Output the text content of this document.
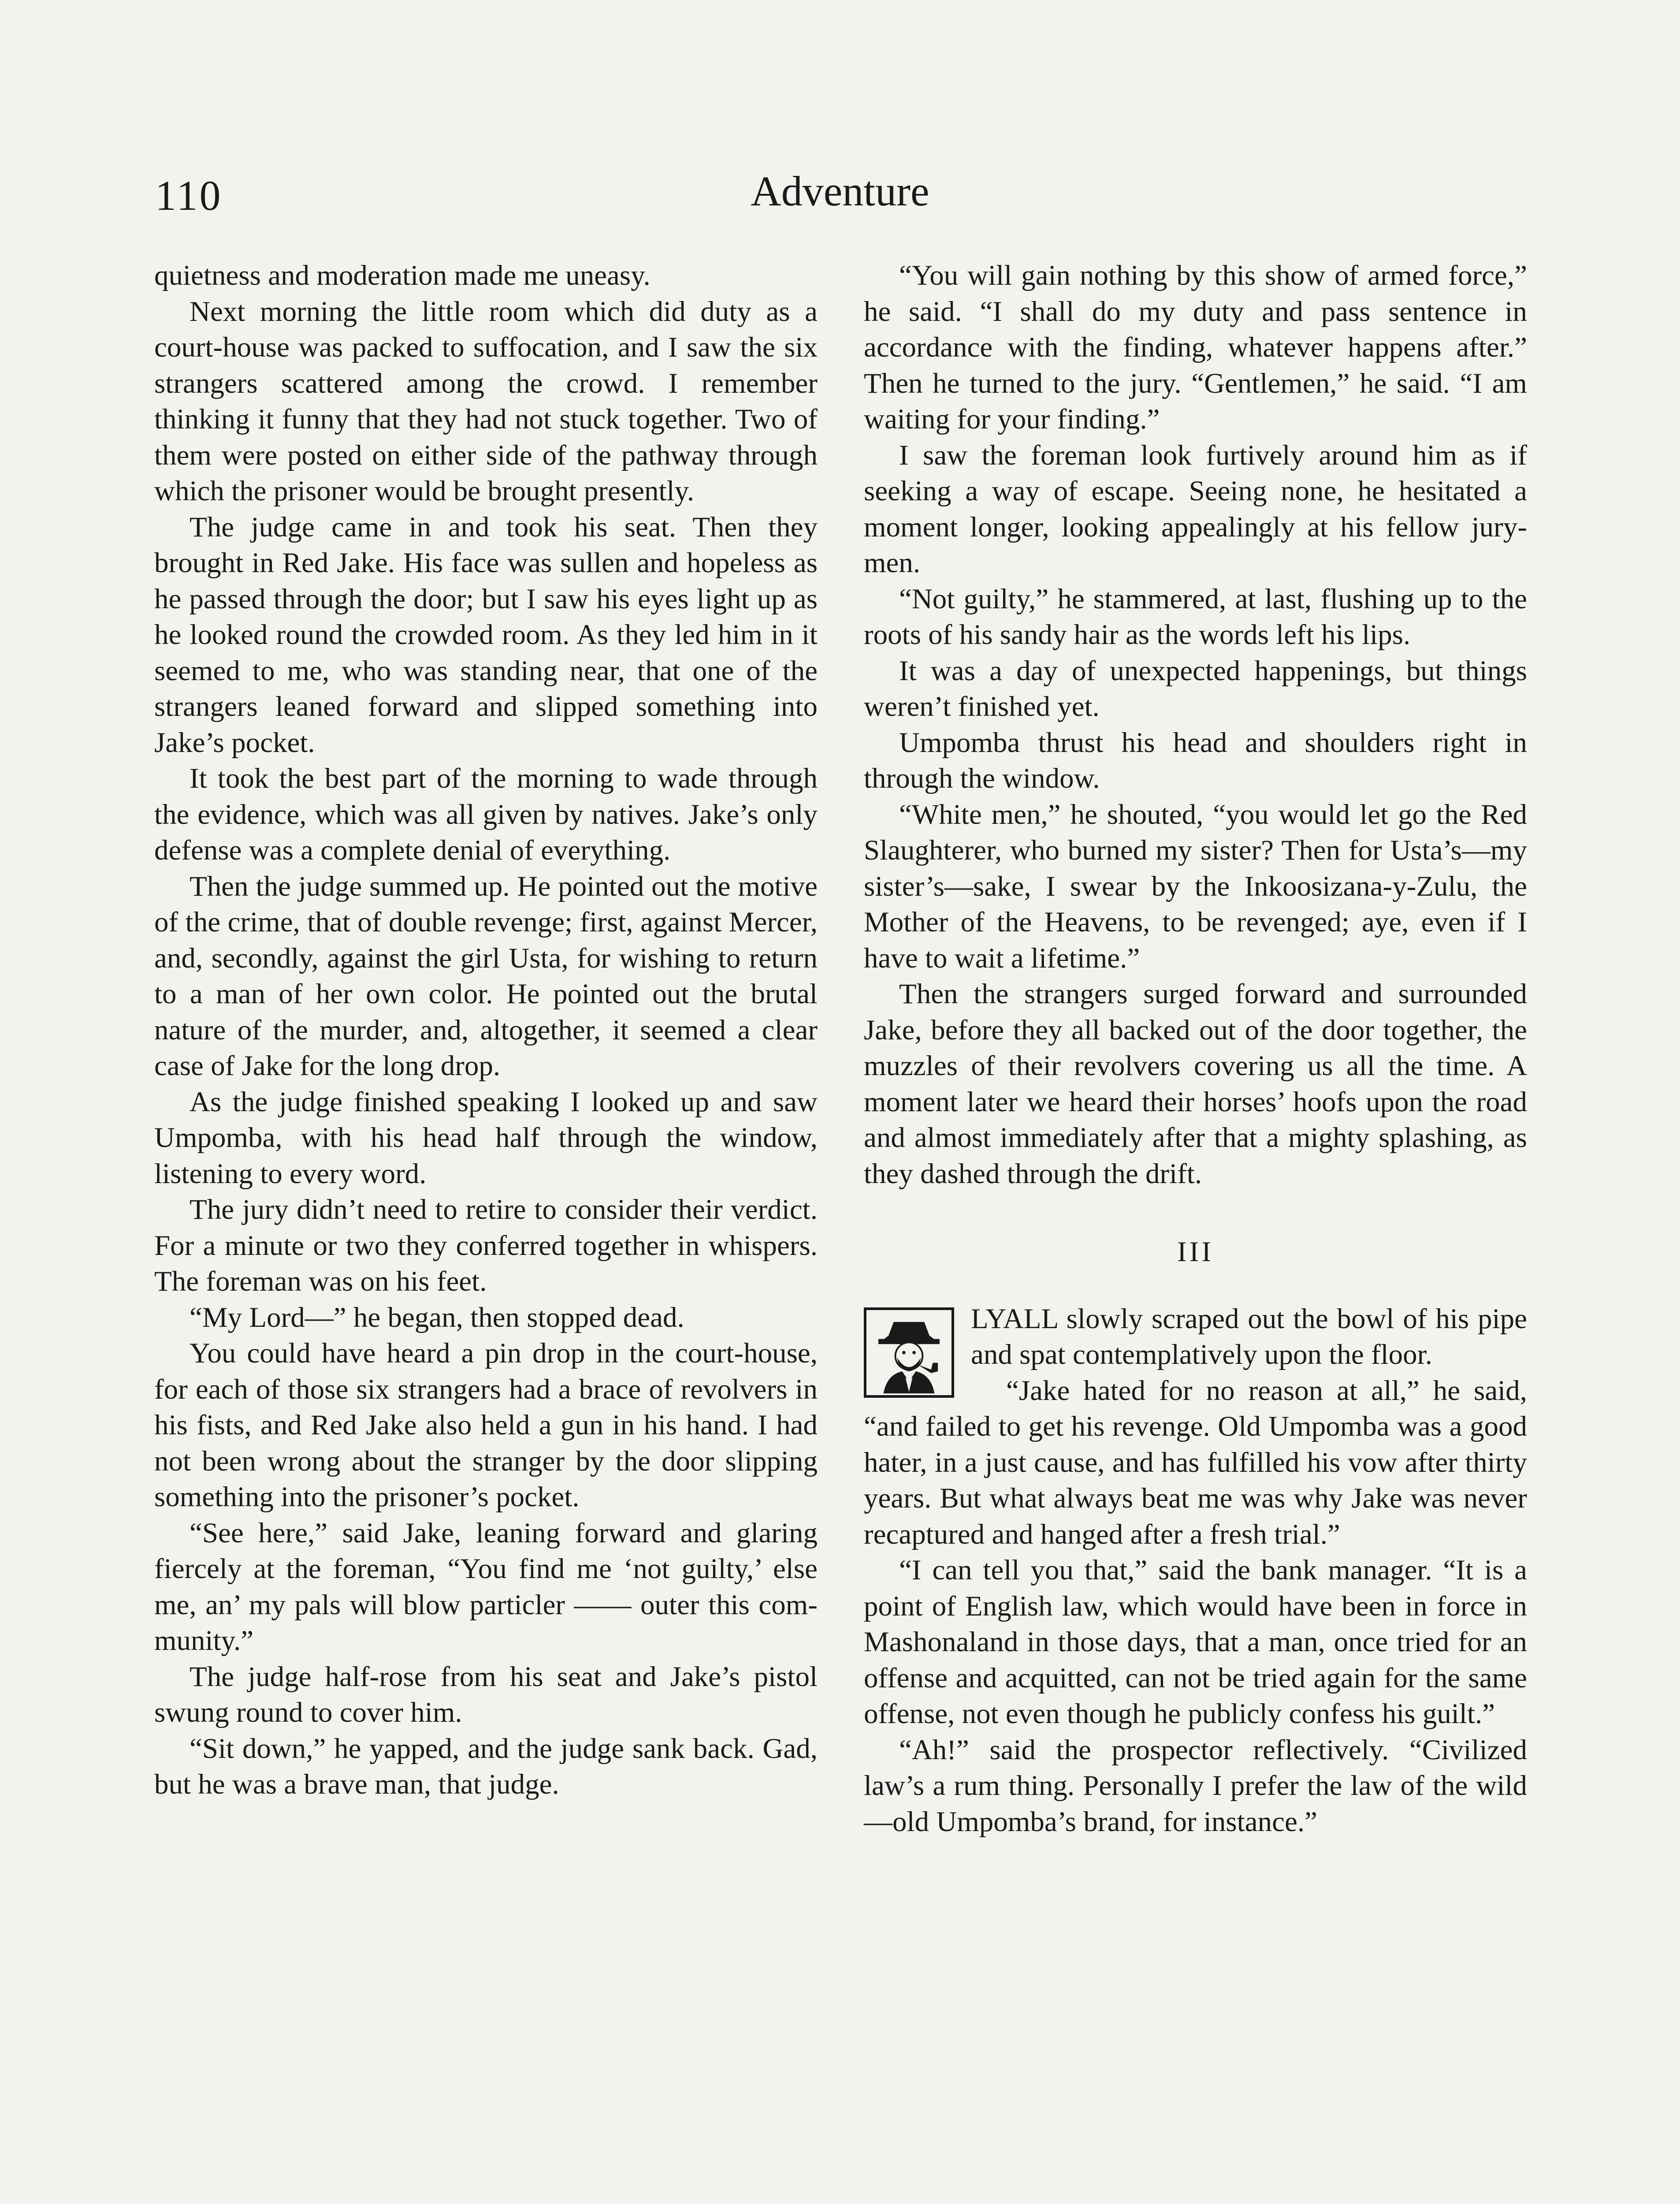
110	Adventure

quietness and moderation made me uneasy.

Next morning the little room which did duty as a court-house was packed to suffocation, and I saw the six strangers scattered among the crowd. I remember thinking it funny that they had not stuck together. Two of them were posted on either side of the pathway through which the prisoner would be brought presently.

The judge came in and took his seat. Then they brought in Red Jake. His face was sullen and hopeless as he passed through the door; but I saw his eyes light up as he looked round the crowded room. As they led him in it seemed to me, who was standing near, that one of the strangers leaned forward and slipped something into Jake’s pocket.

It took the best part of the morning to wade through the evidence, which was all given by natives. Jake’s only defense was a complete denial of everything.

Then the judge summed up. He pointed out the motive of the crime, that of double revenge; first, against Mercer, and, secondly, against the girl Usta, for wishing to return to a man of her own color. He pointed out the brutal nature of the murder, and, altogether, it seemed a clear case of Jake for the long drop.

As the judge finished speaking I looked up and saw Umpomba, with his head half through the window, listening to every word.

The jury didn’t need to retire to consider their verdict. For a minute or two they conferred together in whispers. The foreman was on his feet.

“My Lord—” he began, then stopped dead.

You could have heard a pin drop in the court-house, for each of those six strangers had a brace of revolvers in his fists, and Red Jake also held a gun in his hand. I had not been wrong about the stranger by the door slipping something into the prisoner’s pocket.

“See here,” said Jake, leaning forward and glaring fiercely at the foreman, “You find me ‘not guilty,’ else me, an’ my pals will blow particler —— outer this community.”

The judge half-rose from his seat and Jake’s pistol swung round to cover him.

“Sit down,” he yapped, and the judge sank back. Gad, but he was a brave man, that judge.

“You will gain nothing by this show of armed force,” he said. “I shall do my duty and pass sentence in accordance with the finding, whatever happens after.” Then he turned to the jury. “Gentlemen,” he said. “I am waiting for your finding.”

I saw the foreman look furtively around him as if seeking a way of escape. Seeing none, he hesitated a moment longer, looking appealingly at his fellow jurymen.

“Not guilty,” he stammered, at last, flushing up to the roots of his sandy hair as the words left his lips.

It was a day of unexpected happenings, but things weren’t finished yet.

Umpomba thrust his head and shoulders right in through the window.

“White men,” he shouted, “you would let go the Red Slaughterer, who burned my sister? Then for Usta’s—my sister’s—sake, I swear by the Inkoosizana-y-Zulu, the Mother of the Heavens, to be revenged; aye, even if I have to wait a lifetime.”

Then the strangers surged forward and surrounded Jake, before they all backed out of the door together, the muzzles of their revolvers covering us all the time. A moment later we heard their horses’ hoofs upon the road and almost immediately after that a mighty splashing, as they dashed through the drift.

III

LYALL slowly scraped out the bowl of his pipe and spat contemplatively upon the floor.

“Jake hated for no reason at all,” he said, “and failed to get his revenge. Old Umpomba was a good hater, in a just cause, and has fulfilled his vow after thirty years. But what always beat me was why Jake was never recaptured and hanged after a fresh trial.”

“I can tell you that,” said the bank manager. “It is a point of English law, which would have been in force in Mashonaland in those days, that a man, once tried for an offense and acquitted, can not be tried again for the same offense, not even though he publicly confess his guilt.”

“Ah!” said the prospector reflectively. “Civilized law’s a rum thing. Personally I prefer the law of the wild—old Umpomba’s brand, for instance.”
